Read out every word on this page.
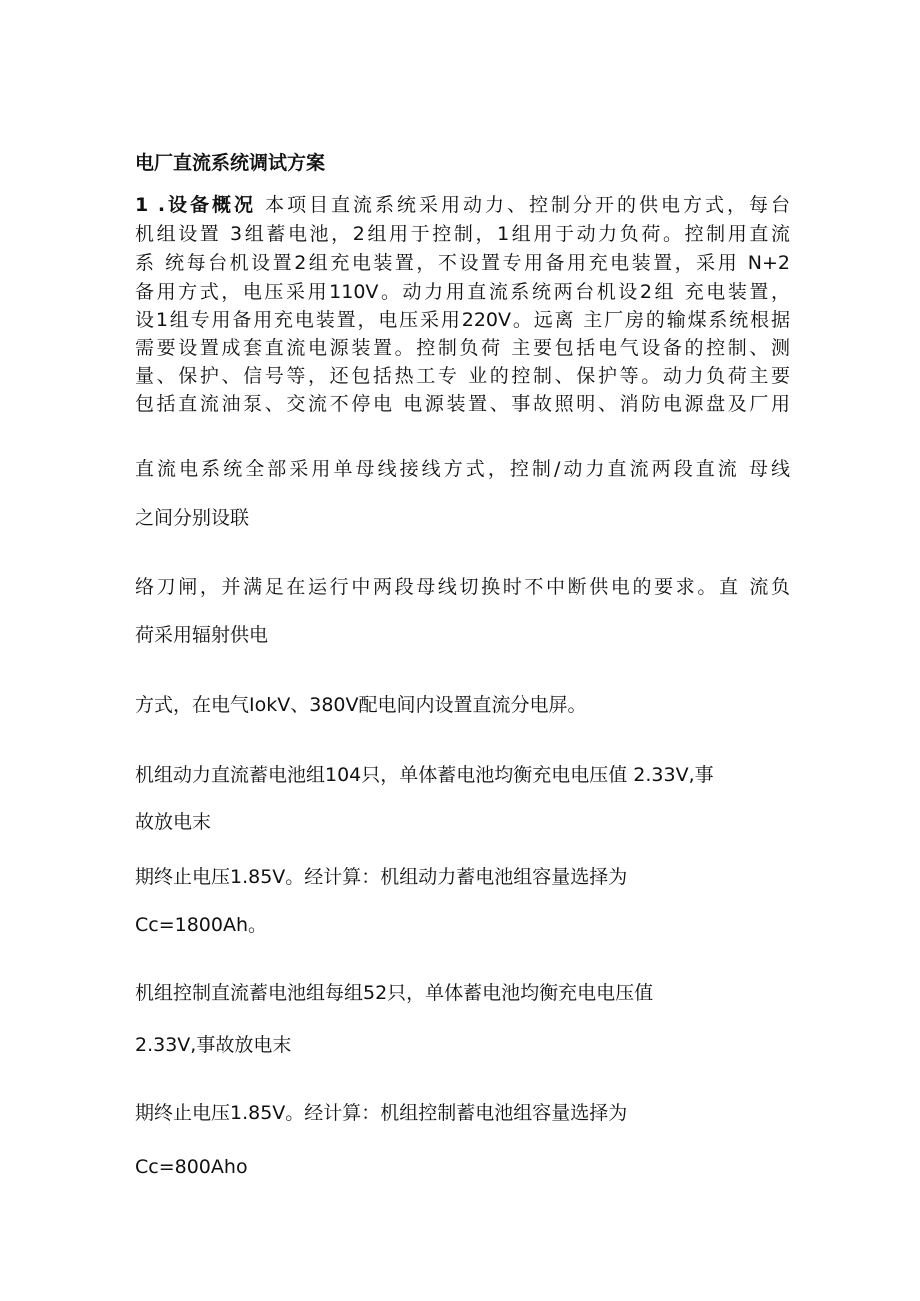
电厂直流系统调试方案
1 .设备概况 本项目直流系统采用动力、控制分开的供电方式，每台
机组设置 3组蓄电池，2组用于控制，1组用于动力负荷。控制用直流
系 统每台机设置2组充电装置，不设置专用备用充电装置，采用 N+2
备用方式，电压采用110V。动力用直流系统两台机设2组 充电装置，
设1组专用备用充电装置，电压采用220V。远离 主厂房的输煤系统根据
需要设置成套直流电源装置。控制负荷 主要包括电气设备的控制、测
量、保护、信号等，还包括热工专 业的控制、保护等。动力负荷主要
包括直流油泵、交流不停电 电源装置、事故照明、消防电源盘及厂用
直流电系统全部采用单母线接线方式，控制/动力直流两段直流 母线
之间分别设联
络刀闸，并满足在运行中两段母线切换时不中断供电的要求。直 流负
荷采用辐射供电
方式，在电气IokV、380V配电间内设置直流分电屏。
机组动力直流蓄电池组104只，单体蓄电池均衡充电电压值 2.33V,事
故放电末
期终止电压1.85V。经计算：机组动力蓄电池组容量选择为
Cc=1800Ah。
机组控制直流蓄电池组每组52只，单体蓄电池均衡充电电压值
2.33V,事故放电末
期终止电压1.85V。经计算：机组控制蓄电池组容量选择为
Cc=800Aho
